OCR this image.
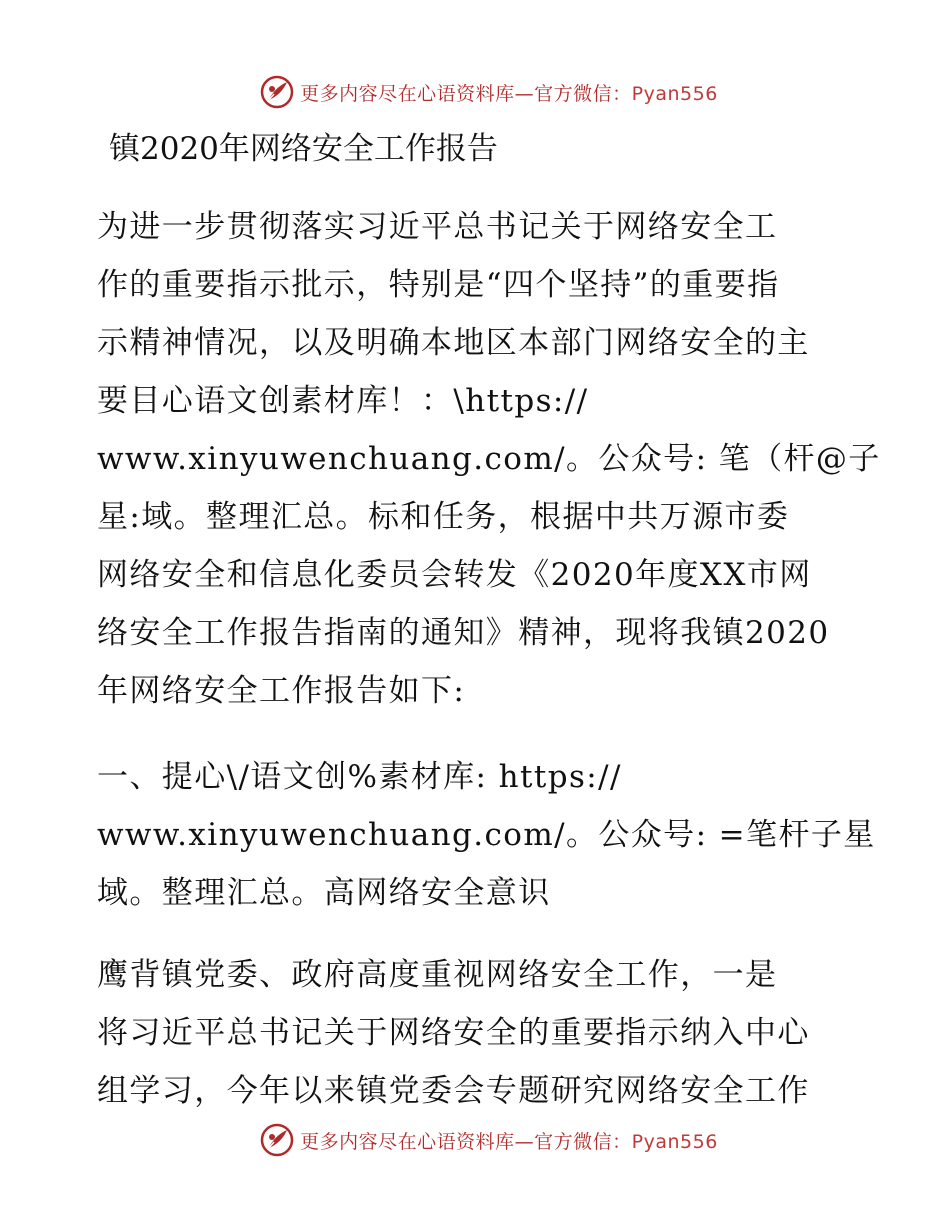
更多内容尽在心语资料库—官方微信：Pyan556
镇2020年网络安全工作报告

为进一步贯彻落实习近平总书记关于网络安全工
作的重要指示批示，特别是“四个坚持”的重要指
示精神情况，以及明确本地区本部门网络安全的主
要目心语文创素材库！：\https://
www.xinyuwenchuang.com/。公众号: 笔（杆@子
星:域。整理汇总。标和任务，根据中共万源市委
网络安全和信息化委员会转发《2020年度XX市网
络安全工作报告指南的通知》精神，现将我镇2020
年网络安全工作报告如下:

一、提心\/语文创%素材库: https://
www.xinyuwenchuang.com/。公众号: =笔杆子星
域。整理汇总。高网络安全意识

鹰背镇党委、政府高度重视网络安全工作，一是
将习近平总书记关于网络安全的重要指示纳入中心
组学习，今年以来镇党委会专题研究网络安全工作

更多内容尽在心语资料库—官方微信：Pyan556
